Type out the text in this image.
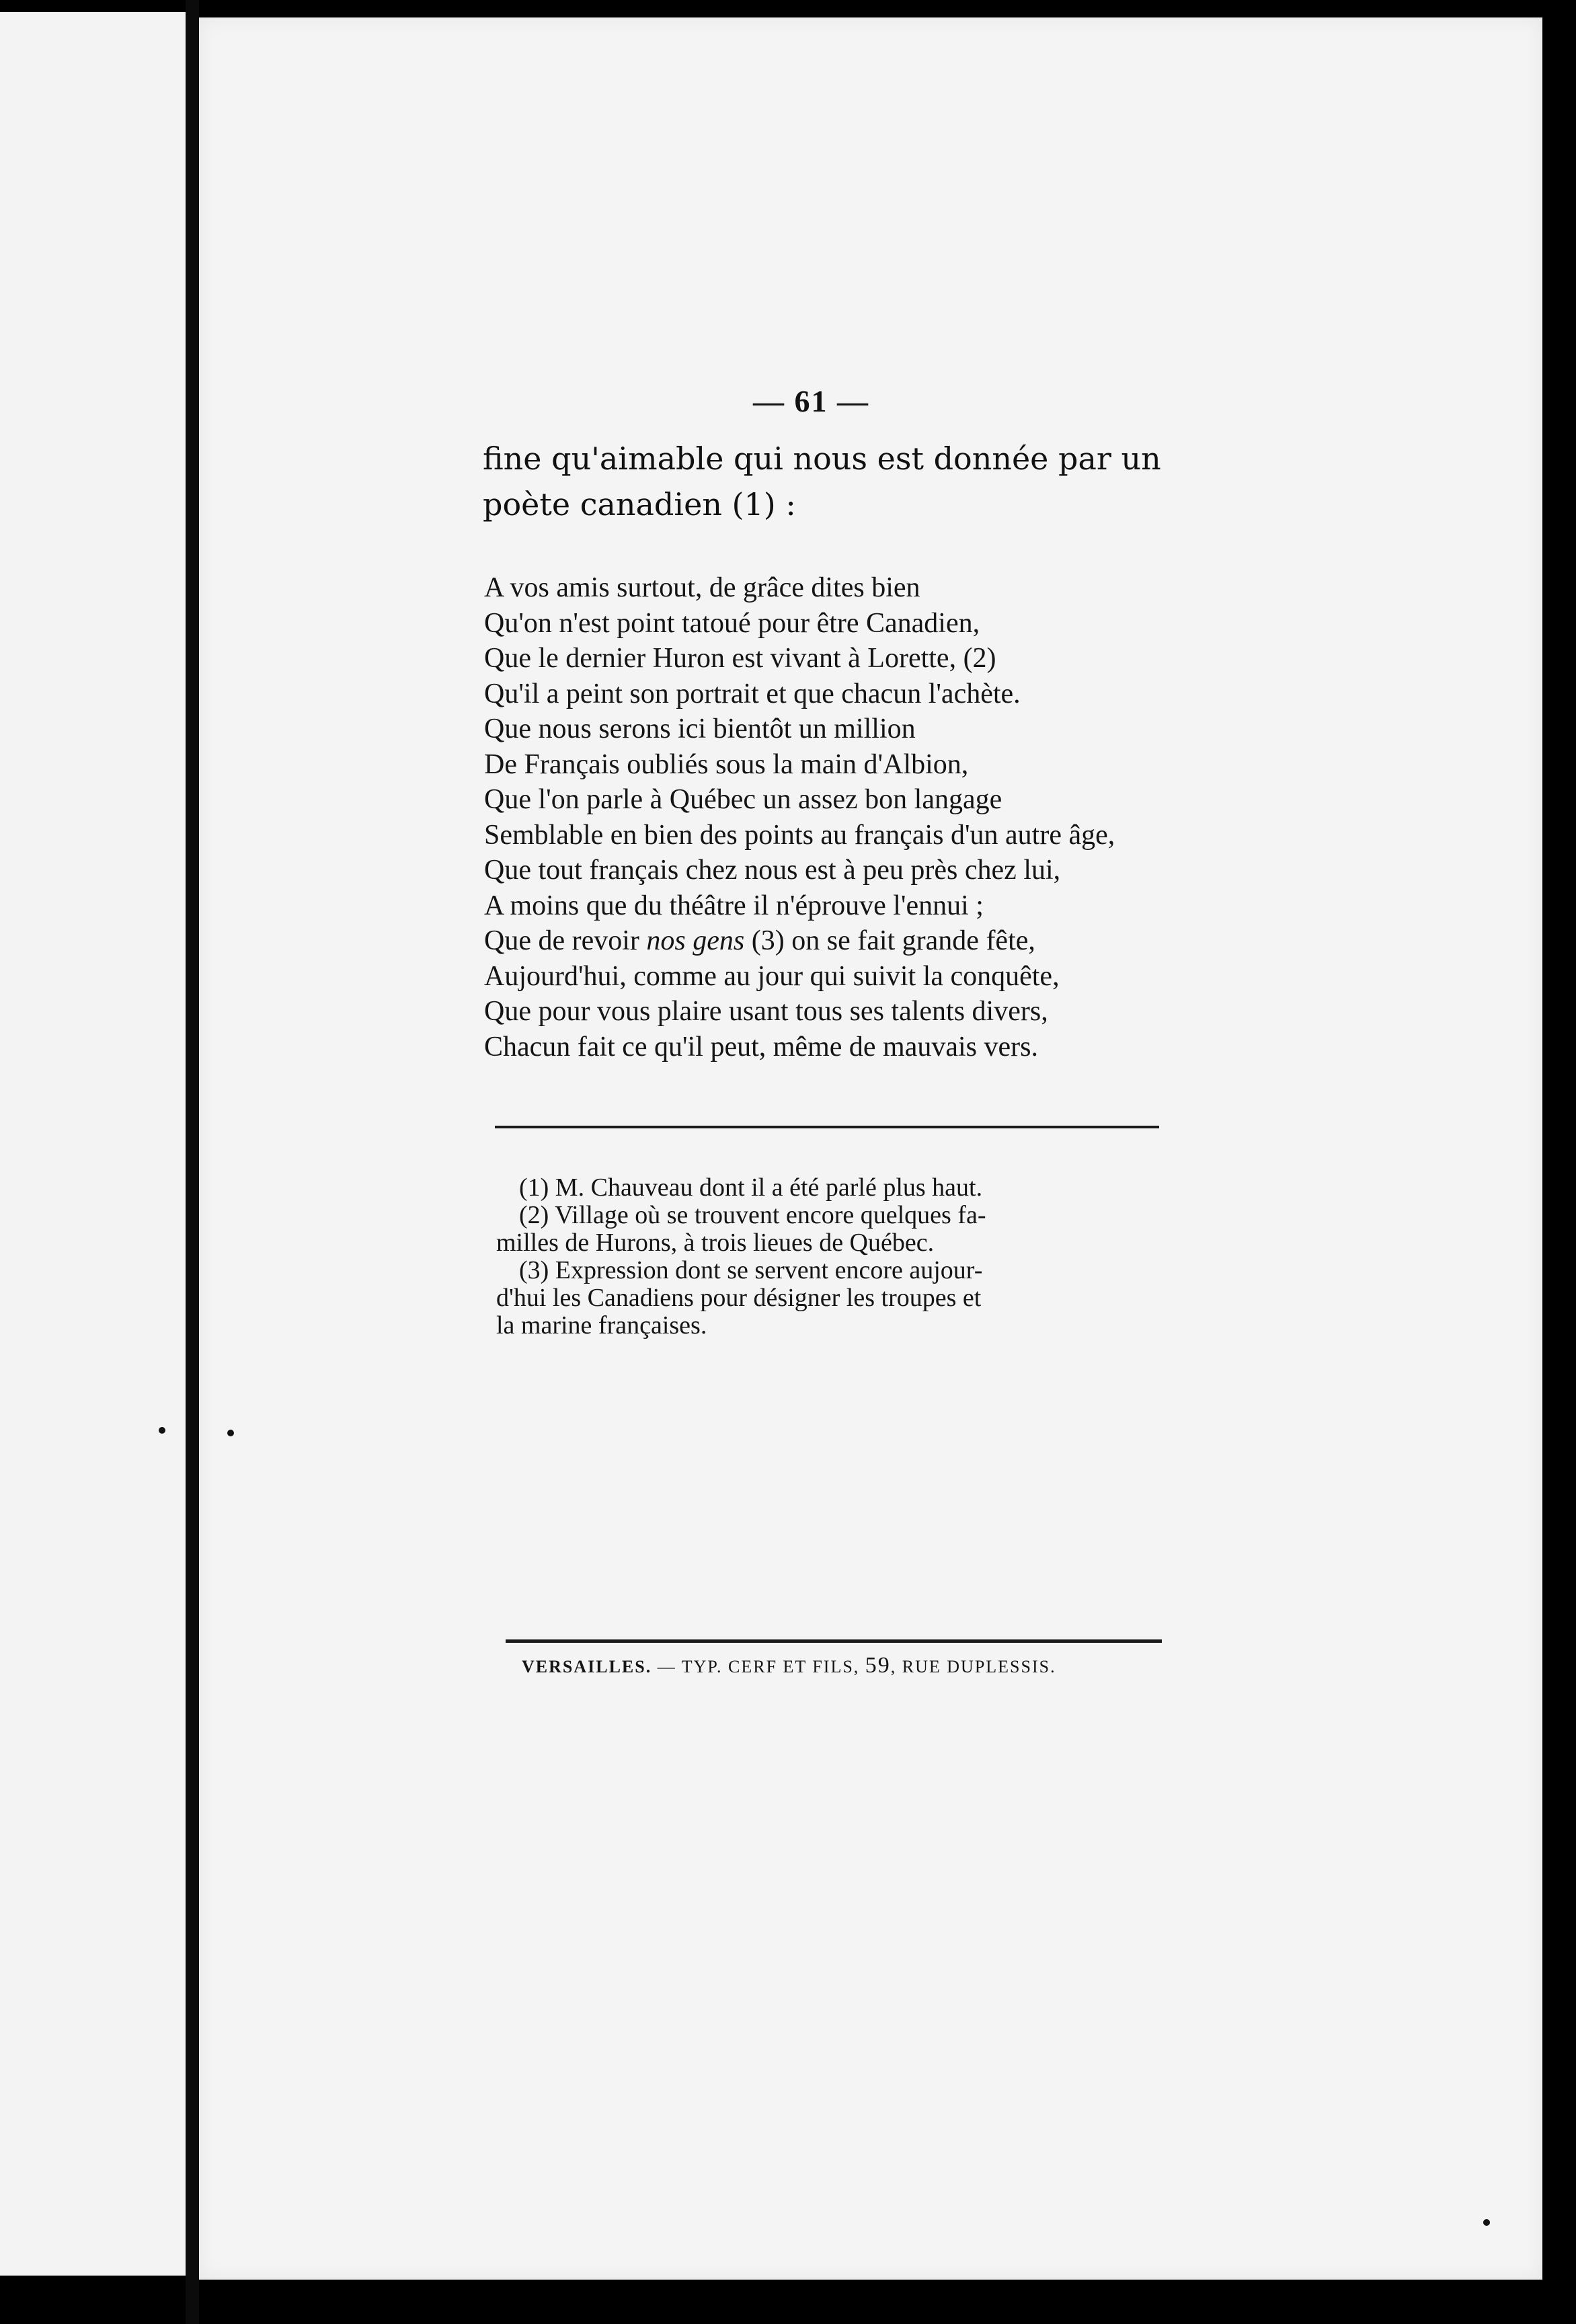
— 61 —
fine qu'aimable qui nous est donnée par un
poète canadien (1) :
A vos amis surtout, de grâce dites bien
Qu'on n'est point tatoué pour être Canadien,
Que le dernier Huron est vivant à Lorette, (2)
Qu'il a peint son portrait et que chacun l'achète.
Que nous serons ici bientôt un million
De Français oubliés sous la main d'Albion,
Que l'on parle à Québec un assez bon langage
Semblable en bien des points au français d'un autre âge,
Que tout français chez nous est à peu près chez lui,
A moins que du théâtre il n'éprouve l'ennui ;
Que de revoir nos gens (3) on se fait grande fête,
Aujourd'hui, comme au jour qui suivit la conquête,
Que pour vous plaire usant tous ses talents divers,
Chacun fait ce qu'il peut, même de mauvais vers.
(1) M. Chauveau dont il a été parlé plus haut.
(2) Village où se trouvent encore quelques fa-
milles de Hurons, à trois lieues de Québec.
(3) Expression dont se servent encore aujour-
d'hui les Canadiens pour désigner les troupes et
la marine françaises.
VERSAILLES. — TYP. CERF ET FILS, 59, RUE DUPLESSIS.
